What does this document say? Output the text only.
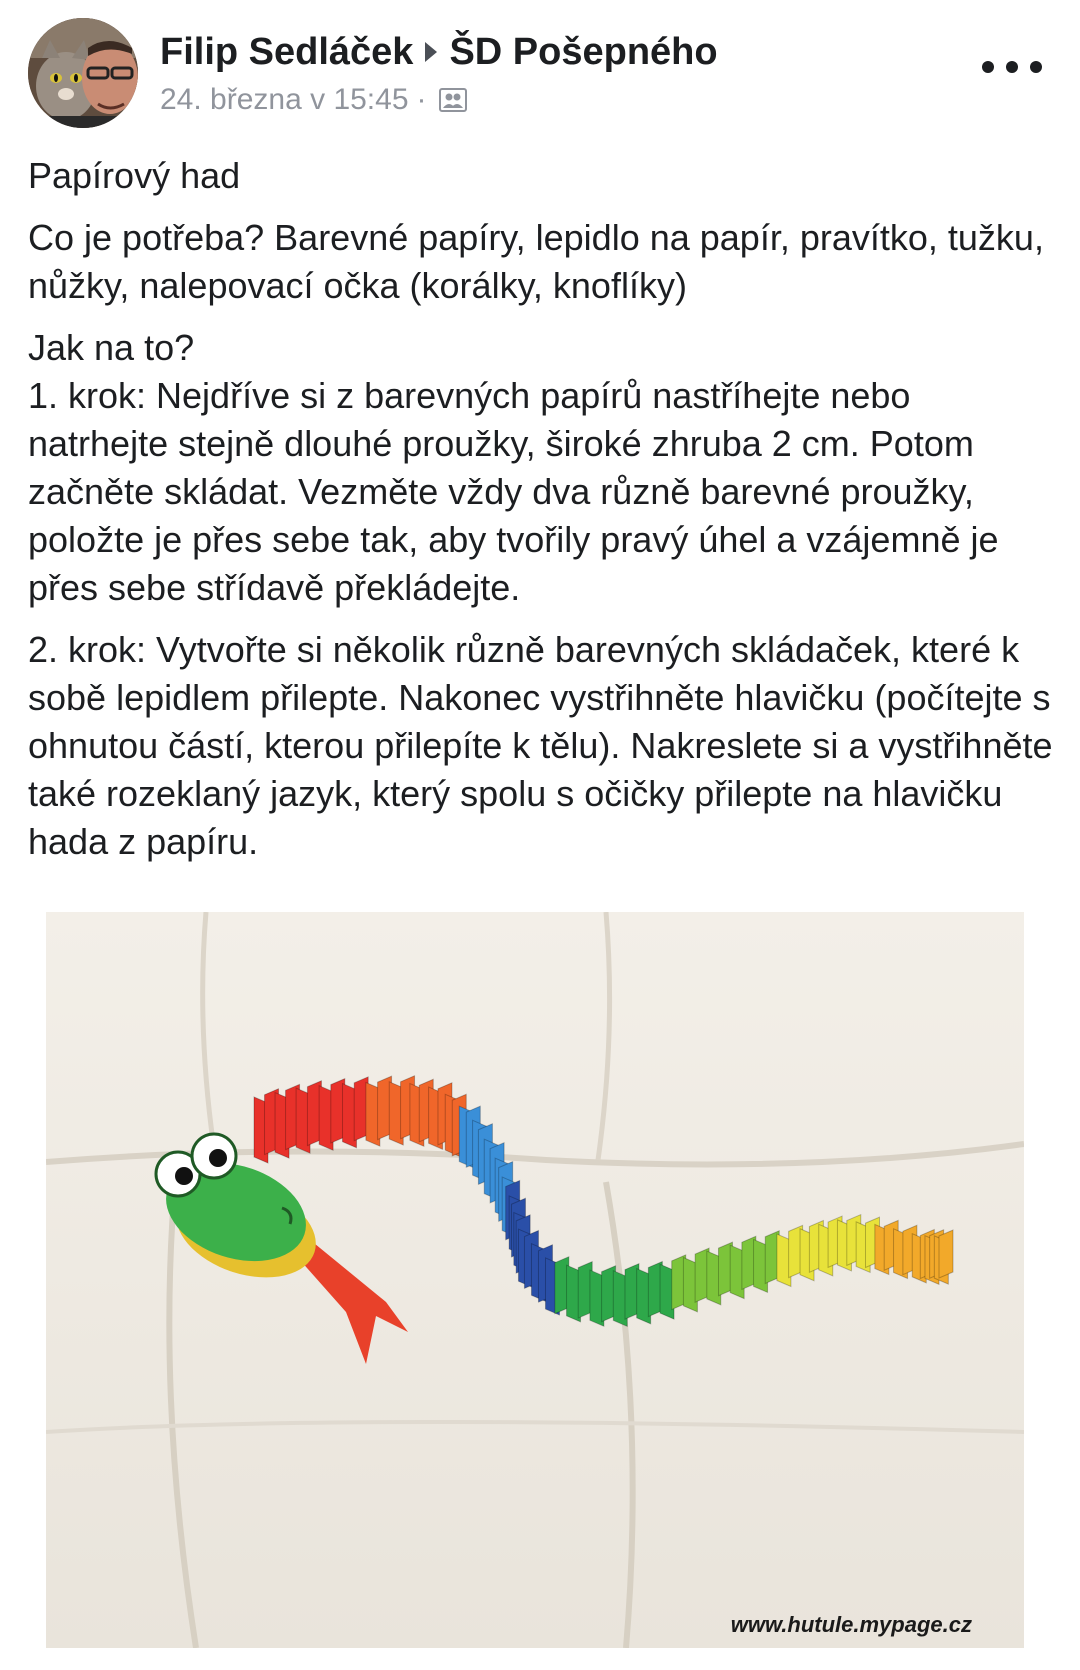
Filip Sedláček ŠD Pošepného
24. března v 15:45 ·

Papírový had

Co je potřeba? Barevné papíry, lepidlo na papír, pravítko, tužku, nůžky, nalepovací očka (korálky, knoflíky)

Jak na to?
1. krok: Nejdříve si z barevných papírů nastříhejte nebo natrhejte stejně dlouhé proužky, široké zhruba 2 cm. Potom začněte skládat. Vezměte vždy dva různě barevné proužky, položte je přes sebe tak, aby tvořily pravý úhel a vzájemně je přes sebe střídavě překládejte.

2. krok: Vytvořte si několik různě barevných skládaček, které k sobě lepidlem přilepte. Nakonec vystřihněte hlavičku (počítejte s ohnutou částí, kterou přilepíte k tělu). Nakreslete si a vystřihněte také rozeklaný jazyk, který spolu s očičky přilepte na hlavičku hada z papíru.

www.hutule.mypage.cz
